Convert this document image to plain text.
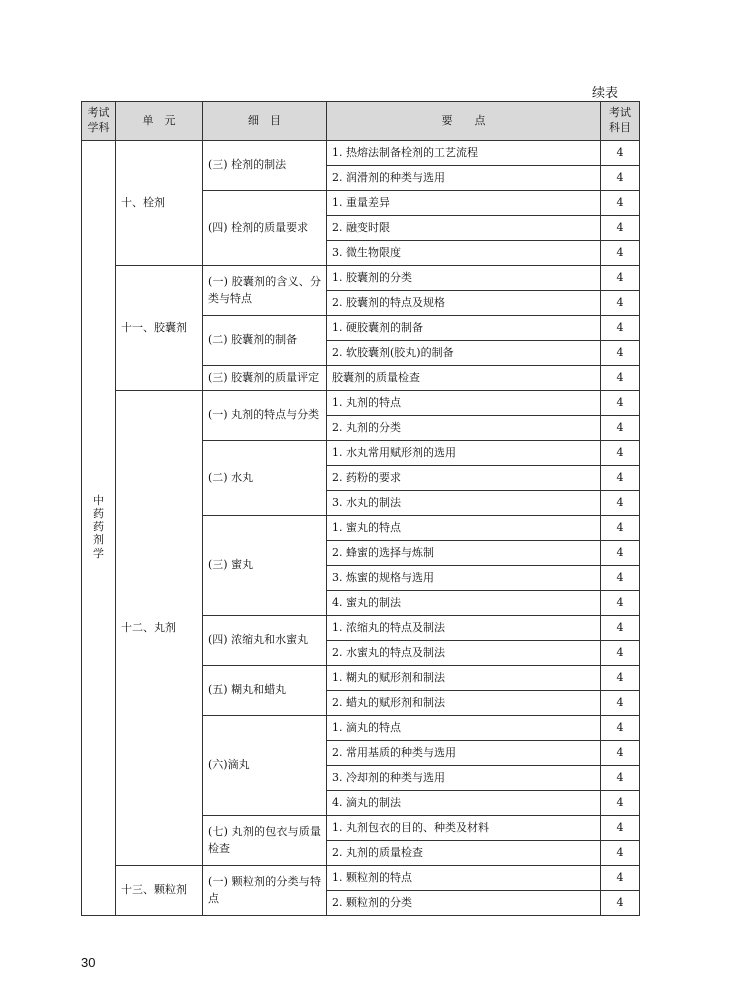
续表
考试学科	单　元	细　目	要　　点	考试科目
中药药剂学	十、栓剂	(三) 栓剂的制法	1. 热熔法制备栓剂的工艺流程	4
			2. 润滑剂的种类与选用	4
		(四) 栓剂的质量要求	1. 重量差异	4
			2. 融变时限	4
			3. 微生物限度	4
	十一、胶囊剂	(一) 胶囊剂的含义、分类与特点	1. 胶囊剂的分类	4
			2. 胶囊剂的特点及规格	4
		(二) 胶囊剂的制备	1. 硬胶囊剂的制备	4
			2. 软胶囊剂(胶丸)的制备	4
		(三) 胶囊剂的质量评定	胶囊剂的质量检查	4
	十二、丸剂	(一) 丸剂的特点与分类	1. 丸剂的特点	4
			2. 丸剂的分类	4
		(二) 水丸	1. 水丸常用赋形剂的选用	4
			2. 药粉的要求	4
			3. 水丸的制法	4
		(三) 蜜丸	1. 蜜丸的特点	4
			2. 蜂蜜的选择与炼制	4
			3. 炼蜜的规格与选用	4
			4. 蜜丸的制法	4
		(四) 浓缩丸和水蜜丸	1. 浓缩丸的特点及制法	4
			2. 水蜜丸的特点及制法	4
		(五) 糊丸和蜡丸	1. 糊丸的赋形剂和制法	4
			2. 蜡丸的赋形剂和制法	4
		(六)滴丸	1. 滴丸的特点	4
			2. 常用基质的种类与选用	4
			3. 冷却剂的种类与选用	4
			4. 滴丸的制法	4
		(七) 丸剂的包衣与质量检查	1. 丸剂包衣的目的、种类及材料	4
			2. 丸剂的质量检查	4
	十三、颗粒剂	(一) 颗粒剂的分类与特点	1. 颗粒剂的特点	4
			2. 颗粒剂的分类	4
30
